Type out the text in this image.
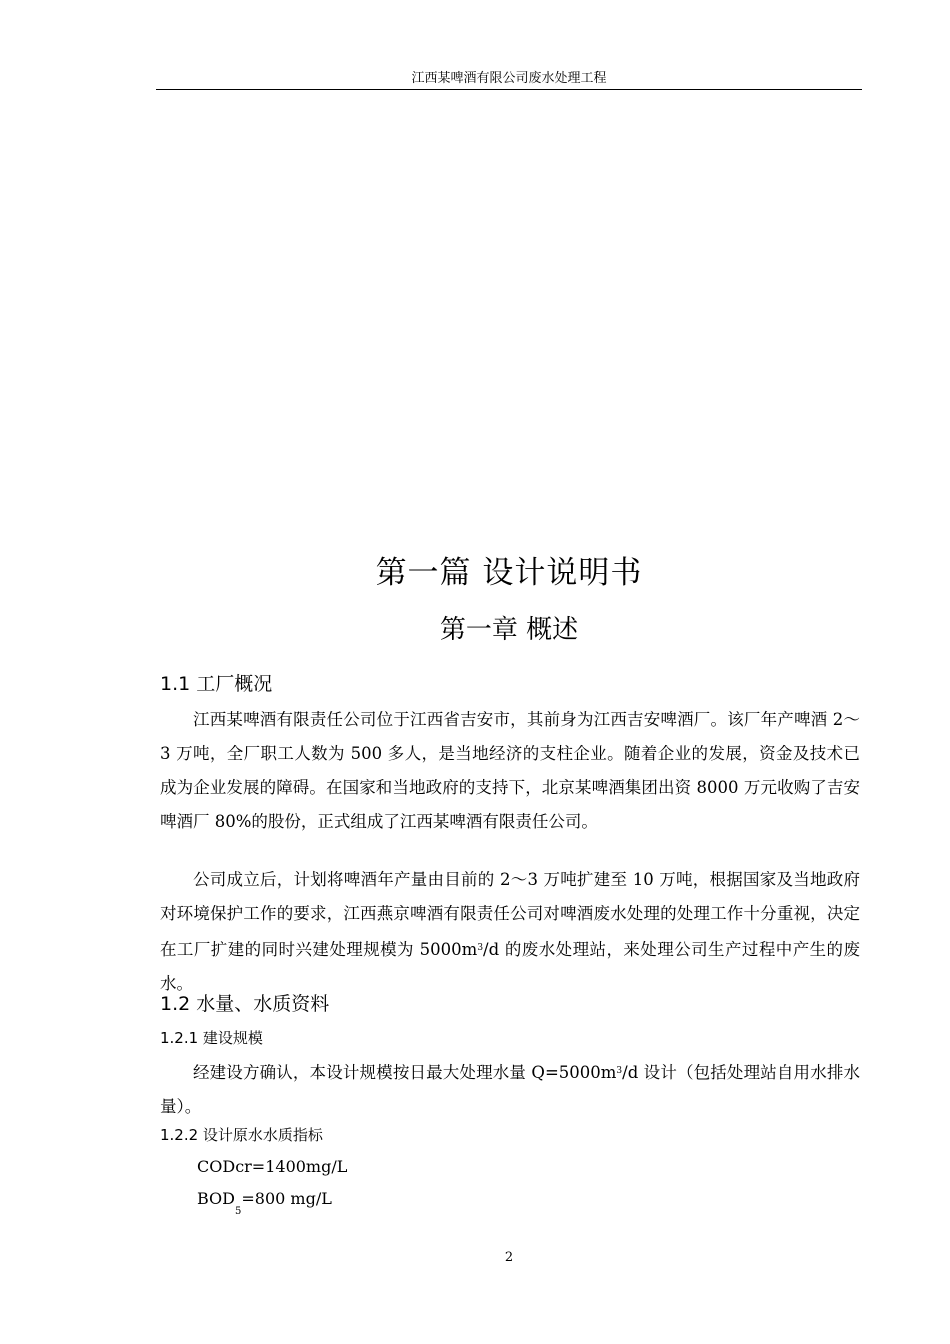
江西某啤酒有限公司废水处理工程
第一篇 设计说明书
第一章 概述
1.1 工厂概况

江西某啤酒有限责任公司位于江西省吉安市，其前身为江西吉安啤酒厂。该厂年产啤酒 2～3 万吨，全厂职工人数为 500 多人，是当地经济的支柱企业。随着企业的发展，资金及技术已成为企业发展的障碍。在国家和当地政府的支持下，北京某啤酒集团出资 8000 万元收购了吉安啤酒厂 80%的股份，正式组成了江西某啤酒有限责任公司。

公司成立后，计划将啤酒年产量由目前的 2～3 万吨扩建至 10 万吨，根据国家及当地政府对环境保护工作的要求，江西燕京啤酒有限责任公司对啤酒废水处理的处理工作十分重视，决定在工厂扩建的同时兴建处理规模为 $5000m^3/d$ 的废水处理站，来处理公司生产过程中产生的废水。

1.2 水量、水质资料
1.2.1 建设规模

经建设方确认，本设计规模按日最大处理水量 $Q=5000m^3/d$ 设计（包括处理站自用水排水量）。

1.2.2 设计原水水质指标
CODcr=1400mg/L
$BOD_5=800$ mg/L
2
